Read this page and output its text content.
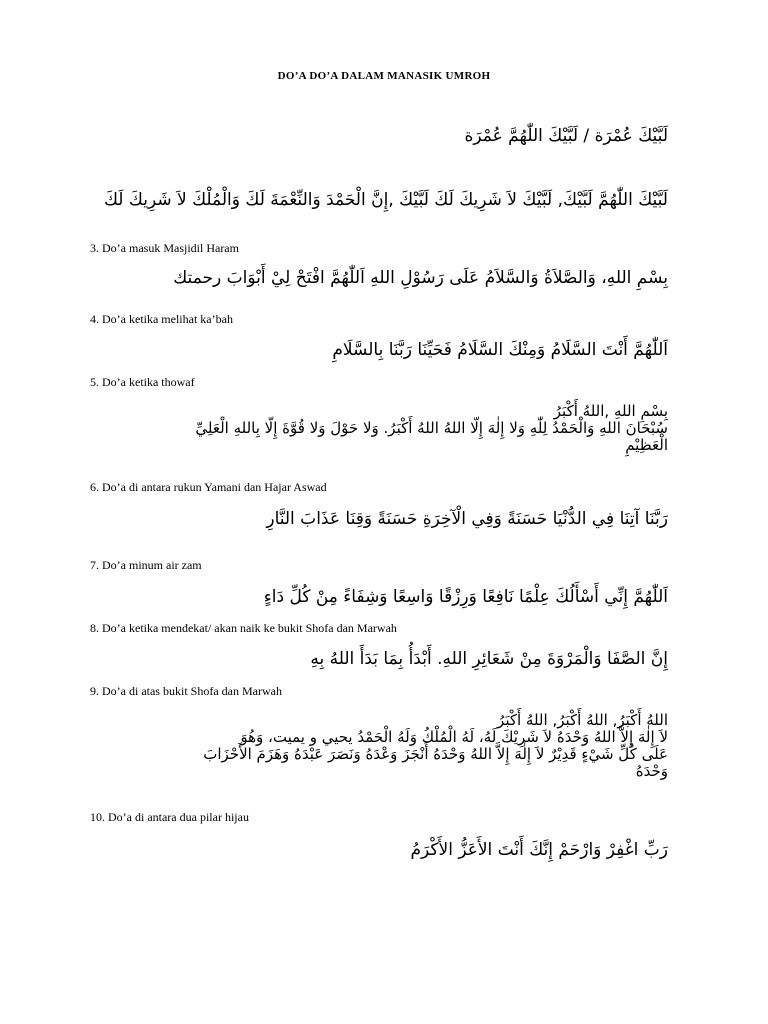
DO’A DO’A DALAM MANASIK UMROH
لَبَّيْكَ عُمْرَة / لَبَّيْكَ اللّٰهُمَّ عُمْرَة
لَبَّيْكَ اللّٰهُمَّ لَبَّيْكَ, لَبَّيْكَ لاَ شَرِيكَ لَكَ لَبَّيْكَ ,إِنَّ الْحَمْدَ وَالنِّعْمَةَ لَكَ وَالْمُلْكَ لاَ شَرِيكَ لَكَ
3. Do’a masuk Masjidil Haram
بِسْمِ اللهِ، وَالصَّلاَةُ وَالسَّلاَمُ عَلَى رَسُوْلِ اللهِ اَللّٰهُمَّ افْتَحْ لِيْ أَبْوَابَ رحمتك
4. Do’a ketika melihat ka’bah
اَللّٰهُمَّ أَنْتَ السَّلَامُ وَمِنْكَ السَّلَامُ فَحَيِّنَا رَبَّنَا بِالسَّلَامِ
5. Do’a ketika thowaf
بِسْمِ اللهِ ,اللهُ أَكْبَرُ
سُبْحَانَ اللهِ وَالْحَمْدُ لِلّٰهِ وَلا إِلٰهَ إِلّا اللهُ اللهُ أَكْبَرُ. وَلا حَوْلَ وَلا قُوَّةَ إِلّا بِاللهِ الْعَلِيِّ
الْعَظِيْمِ
6. Do’a di antara rukun Yamani dan Hajar Aswad
رَبَّنَا آتِنَا فِي الدُّنْيَا حَسَنَةً وَفِي الْآخِرَةِ حَسَنَةً وَقِنَا عَذَابَ النَّارِ
7. Do’a minum air zam
اَللّٰهُمَّ إِنِّي أَسْأَلُكَ عِلْمًا نَافِعًا وَرِزْقًا وَاسِعًا وَشِفَاءً مِنْ كُلِّ دَاءٍ
8. Do’a ketika mendekat/ akan naik ke bukit Shofa dan Marwah
إِنَّ الصَّفَا وَالْمَرْوَةَ مِنْ شَعَائِرِ اللهِ. أَبْدَأُ بِمَا بَدَأَ اللهُ بِهِ
9. Do’a di atas bukit Shofa dan Marwah
اللهُ أَكْبَرُ, اللهُ أَكْبَرُ, اللهُ أَكْبَرُ
لاَ إِلٰهَ إِلاَّ اللهُ وَحْدَهُ لاَ شَرِيْكَ لَهُ، لَهُ الْمُلْكُ وَلَهُ الْحَمْدُ يحيي و يميت، وَهُوَ
عَلَى كُلِّ شَيْءٍ قَدِيْرٌ لاَ إِلٰهَ إِلاَّ اللهُ وَحْدَهُ أَنْجَزَ وَعْدَهُ وَنَصَرَ عَبْدَهُ وَهَزَمَ الأَحْزَابَ
وَحْدَهُ
10. Do’a di antara dua pilar hijau
رَبِّ اغْفِرْ وَارْحَمْ إِنَّكَ أَنْتَ الأَعَزُّ الأَكْرَمُ
